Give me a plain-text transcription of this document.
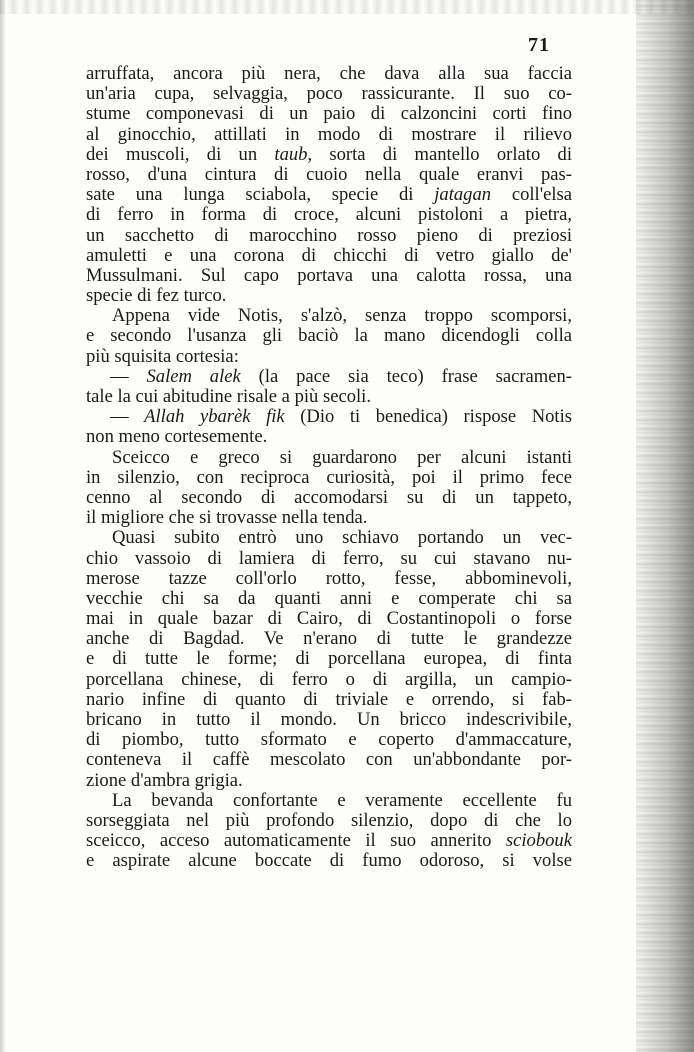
71
arruffata, ancora più nera, che dava alla sua faccia
un'aria cupa, selvaggia, poco rassicurante. Il suo co-
stume componevasi di un paio di calzoncini corti fino
al ginocchio, attillati in modo di mostrare il rilievo
dei muscoli, di un taub, sorta di mantello orlato di
rosso, d'una cintura di cuoio nella quale eranvi pas-
sate una lunga sciabola, specie di jatagan coll'elsa
di ferro in forma di croce, alcuni pistoloni a pietra,
un sacchetto di marocchino rosso pieno di preziosi
amuletti e una corona di chicchi di vetro giallo de'
Mussulmani. Sul capo portava una calotta rossa, una
specie di fez turco.
Appena vide Notis, s'alzò, senza troppo scomporsi,
e secondo l'usanza gli baciò la mano dicendogli colla
più squisita cortesia:
— Salem alek (la pace sia teco) frase sacramen-
tale la cui abitudine risale a più secoli.
— Allah ybarèk fik (Dio ti benedica) rispose Notis
non meno cortesemente.
Sceicco e greco si guardarono per alcuni istanti
in silenzio, con reciproca curiosità, poi il primo fece
cenno al secondo di accomodarsi su di un tappeto,
il migliore che si trovasse nella tenda.
Quasi subito entrò uno schiavo portando un vec-
chio vassoio di lamiera di ferro, su cui stavano nu-
merose tazze coll'orlo rotto, fesse, abbominevoli,
vecchie chi sa da quanti anni e comperate chi sa
mai in quale bazar di Cairo, di Costantinopoli o forse
anche di Bagdad. Ve n'erano di tutte le grandezze
e di tutte le forme; di porcellana europea, di finta
porcellana chinese, di ferro o di argilla, un campio-
nario infine di quanto di triviale e orrendo, si fab-
bricano in tutto il mondo. Un bricco indescrivibile,
di piombo, tutto sformato e coperto d'ammaccature,
conteneva il caffè mescolato con un'abbondante por-
zione d'ambra grigia.
La bevanda confortante e veramente eccellente fu
sorseggiata nel più profondo silenzio, dopo di che lo
sceicco, acceso automaticamente il suo annerito sciobouk
e aspirate alcune boccate di fumo odoroso, si volse
